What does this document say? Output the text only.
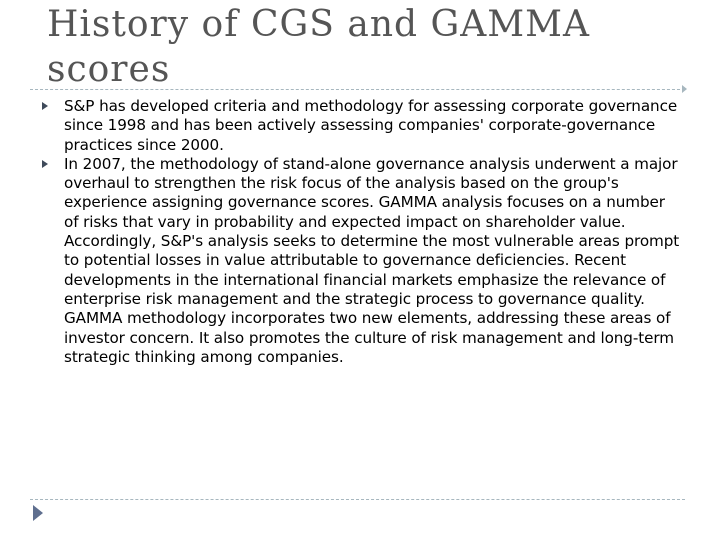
History of CGS and GAMMA scores
S&P has developed criteria and methodology for assessing corporate governance since 1998 and has been actively assessing companies' corporate-governance practices since 2000.
In 2007, the methodology of stand-alone governance analysis underwent a major overhaul to strengthen the risk focus of the analysis based on the group's experience assigning governance scores. GAMMA analysis focuses on a number of risks that vary in probability and expected impact on shareholder value. Accordingly, S&P's analysis seeks to determine the most vulnerable areas prompt to potential losses in value attributable to governance deficiencies. Recent developments in the international financial markets emphasize the relevance of enterprise risk management and the strategic process to governance quality. GAMMA methodology incorporates two new elements, addressing these areas of investor concern. It also promotes the culture of risk management and long-term strategic thinking among companies.
